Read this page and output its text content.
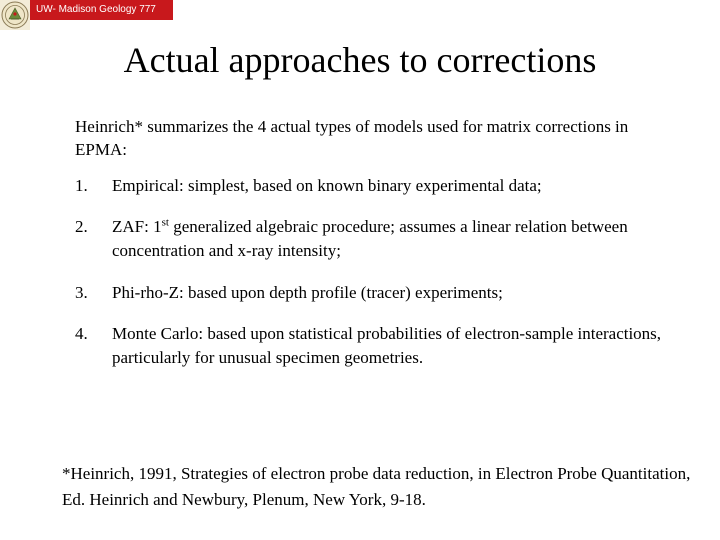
UW- Madison Geology 777
Actual approaches to corrections
Heinrich* summarizes the 4 actual types of models used for matrix corrections in EPMA:
1. Empirical: simplest, based on known binary experimental data;
2. ZAF: 1st generalized algebraic procedure; assumes a linear relation between concentration and x-ray intensity;
3. Phi-rho-Z: based upon depth profile (tracer) experiments;
4. Monte Carlo: based upon statistical probabilities of electron-sample interactions, particularly for unusual specimen geometries.
*Heinrich, 1991, Strategies of electron probe data reduction, in Electron Probe Quantitation, Ed. Heinrich and Newbury, Plenum, New York, 9-18.
